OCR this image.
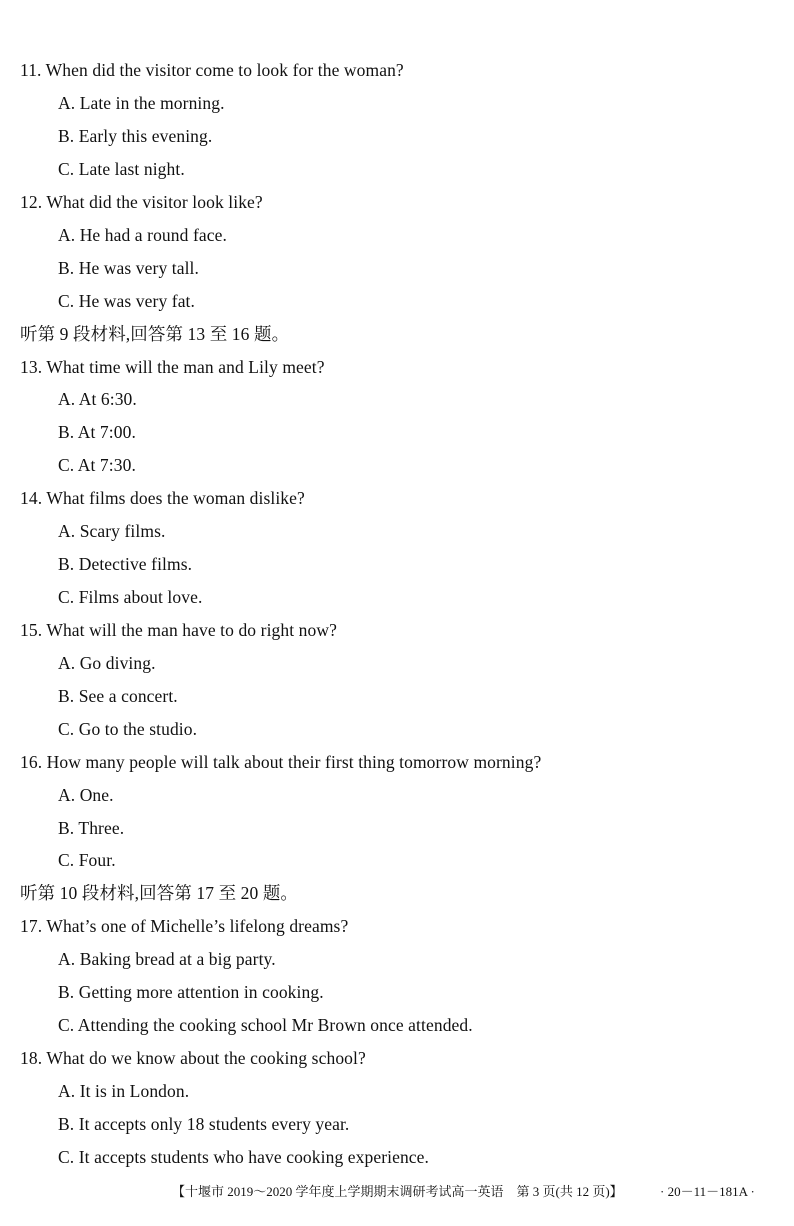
11. When did the visitor come to look for the woman?
A. Late in the morning.
B. Early this evening.
C. Late last night.
12. What did the visitor look like?
A. He had a round face.
B. He was very tall.
C. He was very fat.
听第 9 段材料,回答第 13 至 16 题。
13. What time will the man and Lily meet?
A. At 6:30.
B. At 7:00.
C. At 7:30.
14. What films does the woman dislike?
A. Scary films.
B. Detective films.
C. Films about love.
15. What will the man have to do right now?
A. Go diving.
B. See a concert.
C. Go to the studio.
16. How many people will talk about their first thing tomorrow morning?
A. One.
B. Three.
C. Four.
听第 10 段材料,回答第 17 至 20 题。
17. What’s one of Michelle’s lifelong dreams?
A. Baking bread at a big party.
B. Getting more attention in cooking.
C. Attending the cooking school Mr Brown once attended.
18. What do we know about the cooking school?
A. It is in London.
B. It accepts only 18 students every year.
C. It accepts students who have cooking experience.
【十堰市 2019～2020 学年度上学期期末调研考试高一英语　第 3 页(共 12 页)】	· 20－11－181A ·
